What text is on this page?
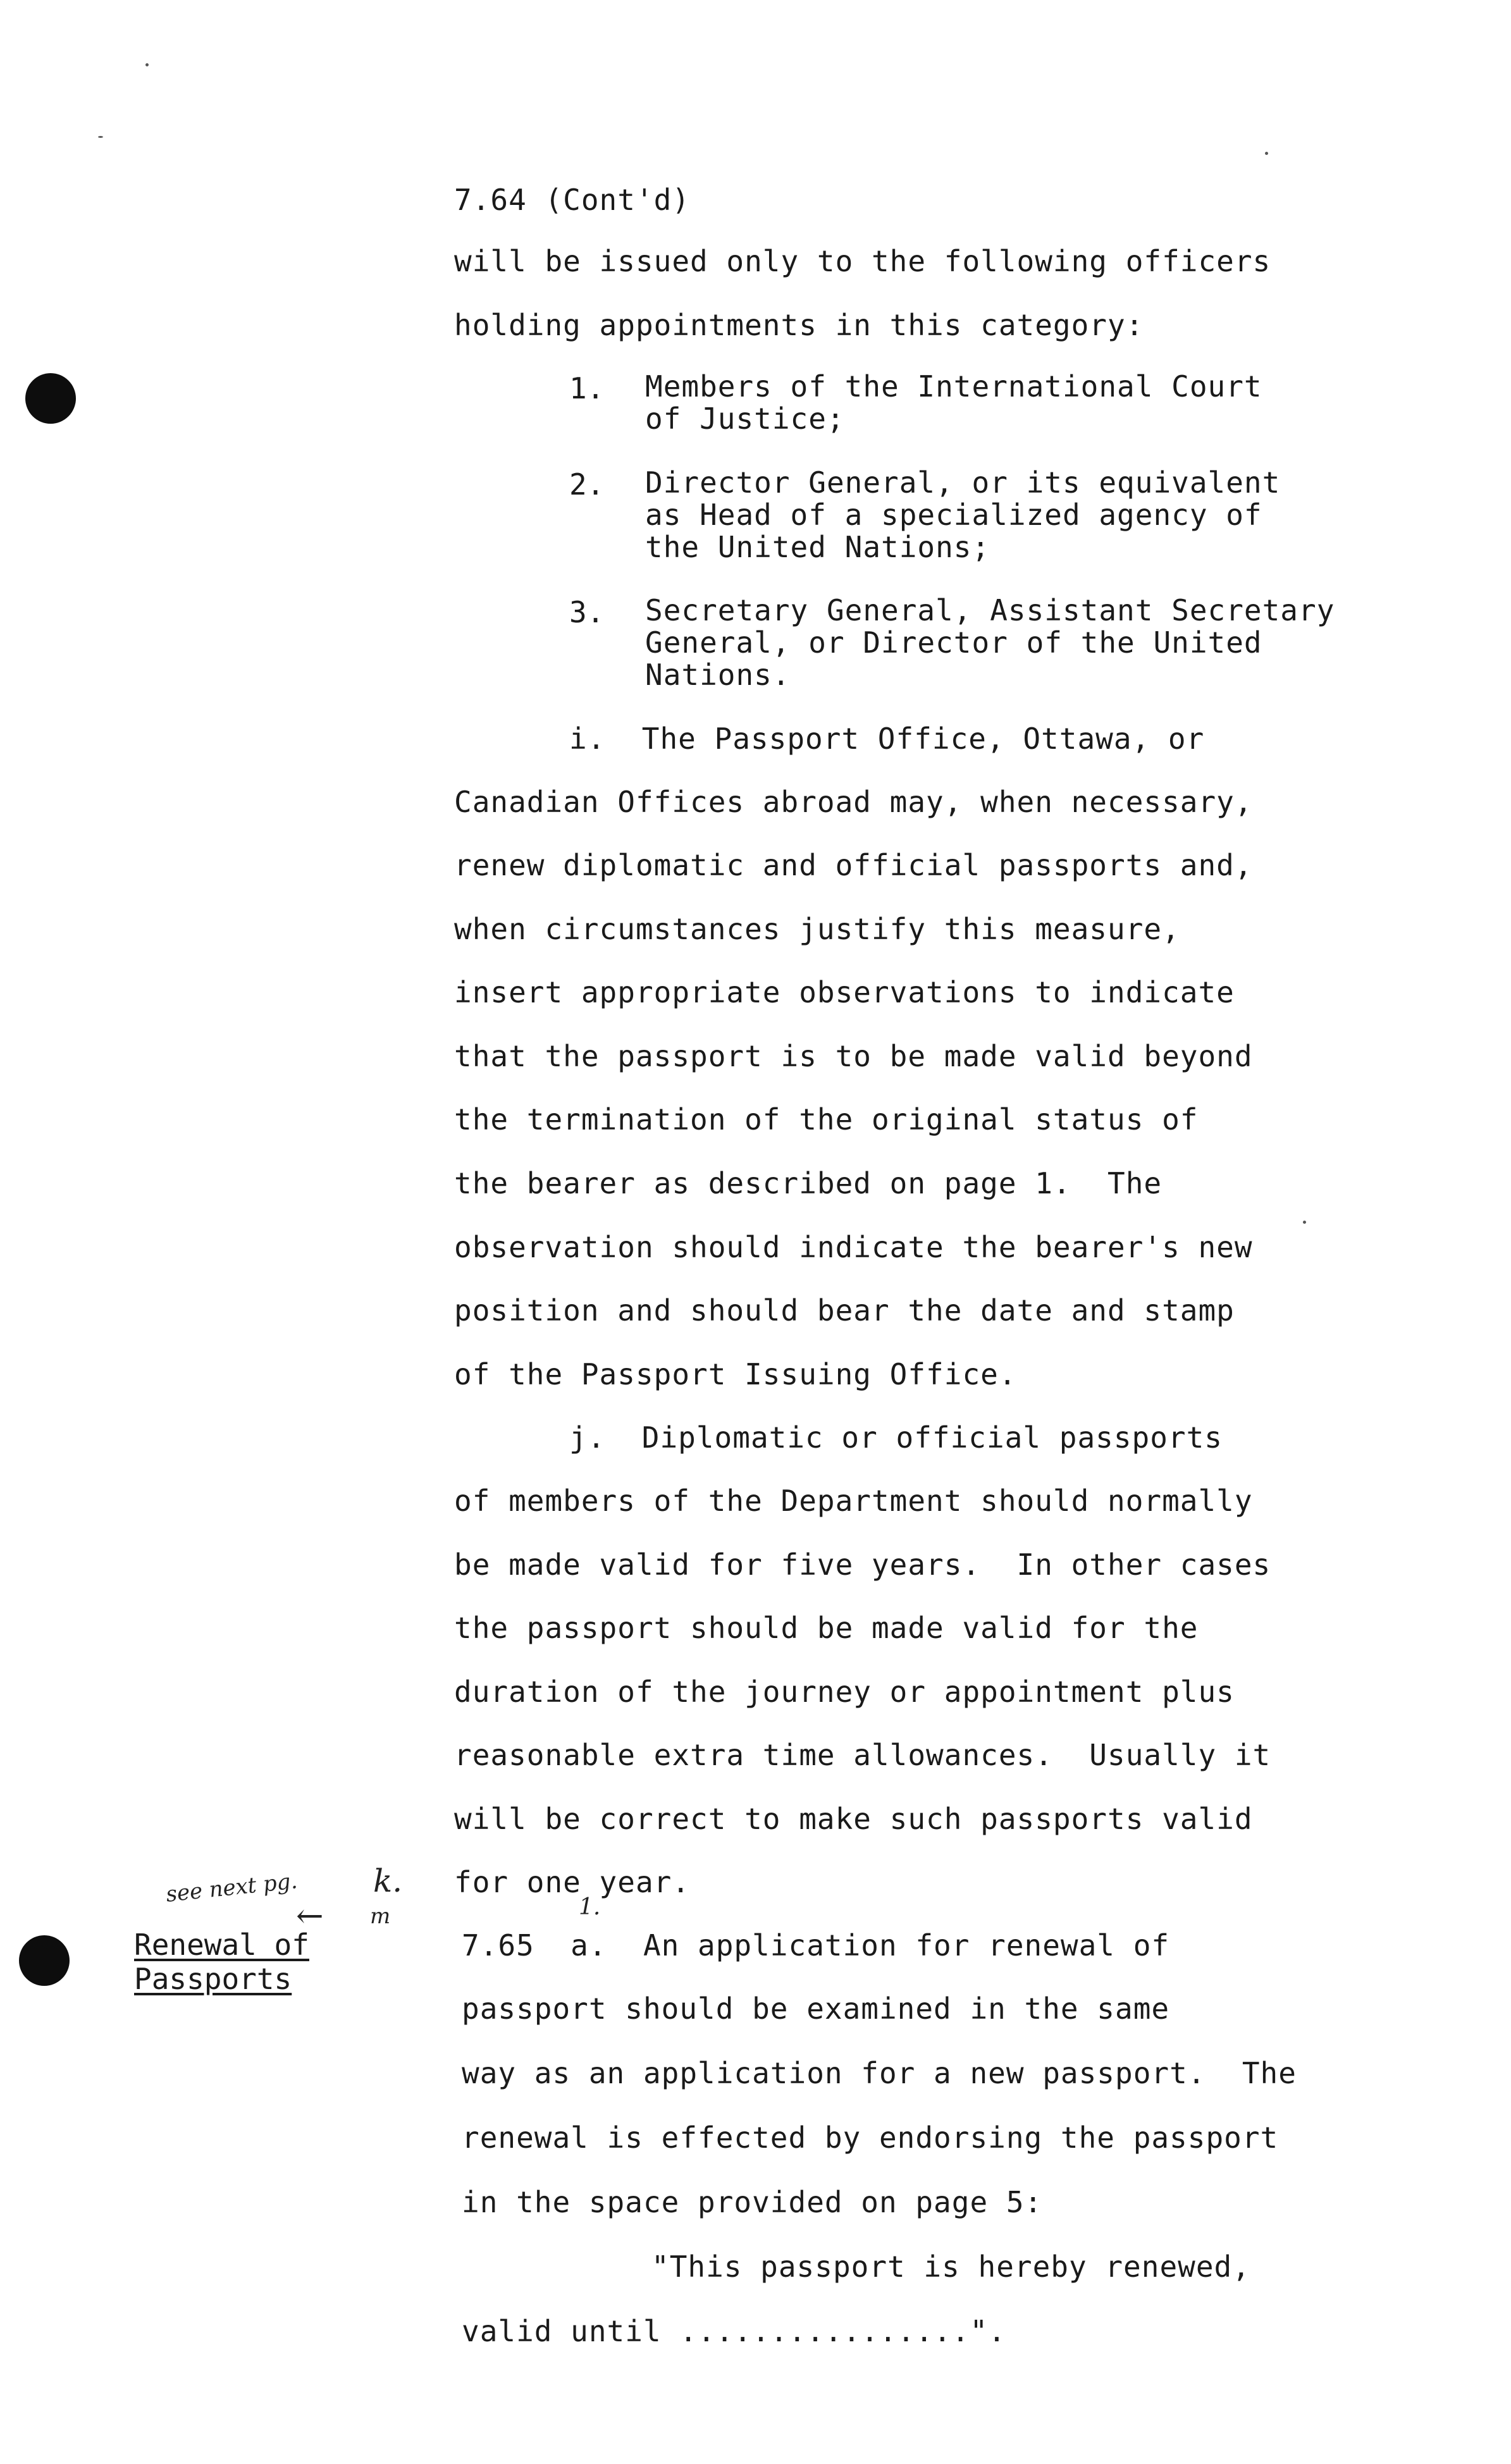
7.64 (Cont'd)
will be issued only to the following officers
holding appointments in this category:
1. Members of the International Court
of Justice;
2. Director General, or its equivalent
as Head of a specialized agency of
the United Nations;
3. Secretary General, Assistant Secretary
General, or Director of the United
Nations.
i.  The Passport Office, Ottawa, or
Canadian Offices abroad may, when necessary,
renew diplomatic and official passports and,
when circumstances justify this measure,
insert appropriate observations to indicate
that the passport is to be made valid beyond
the termination of the original status of
the bearer as described on page 1.  The
observation should indicate the bearer's new
position and should bear the date and stamp
of the Passport Issuing Office.
j.  Diplomatic or official passports
of members of the Department should normally
be made valid for five years.  In other cases
the passport should be made valid for the
duration of the journey or appointment plus
reasonable extra time allowances.  Usually it
will be correct to make such passports valid
for one year.
Renewal of
Passports
see next pg.
←
k.
m	1.
7.65  a.  An application for renewal of
passport should be examined in the same
way as an application for a new passport.  The
renewal is effected by endorsing the passport
in the space provided on page 5:
"This passport is hereby renewed,
valid until ................".
